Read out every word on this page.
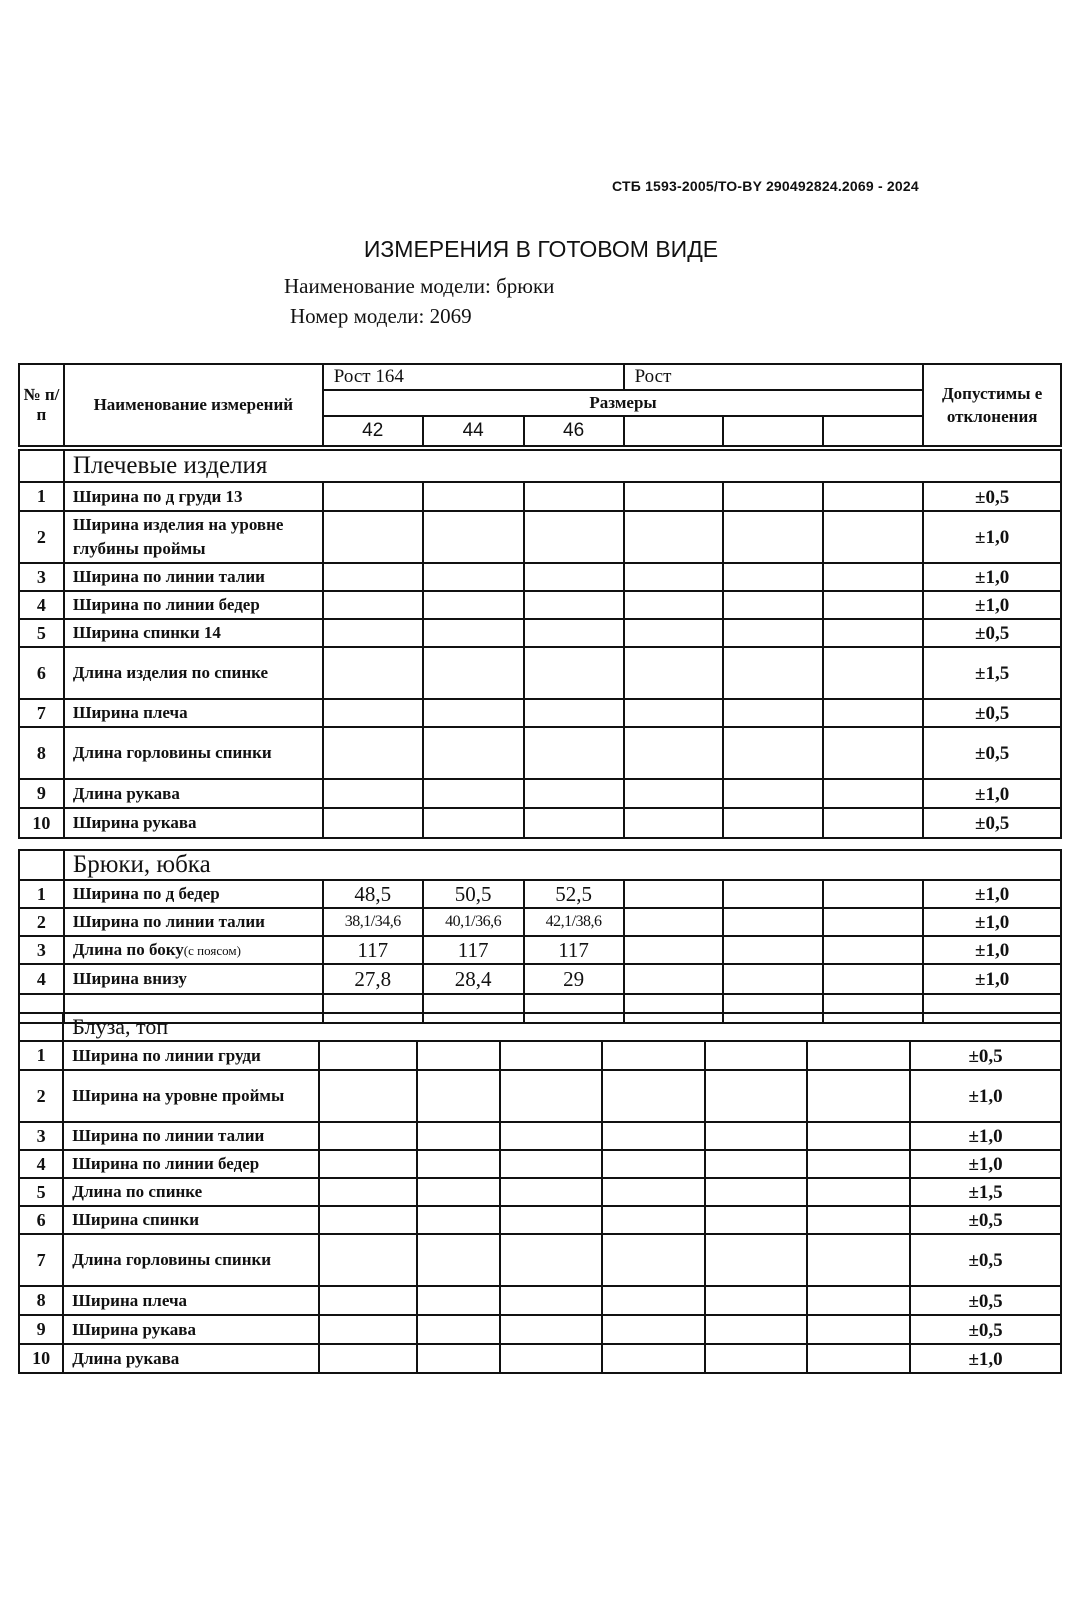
СТБ 1593-2005/ТО-BY 290492824.2069 - 2024
ИЗМЕРЕНИЯ В ГОТОВОМ ВИДЕ
Наименование модели: брюки
Номер модели: 2069
№ п/ п	Наименование измерений	Рост 164			Рост			Допустимы е отклонения
		Размеры						
		42	44	46				
	Плечевые изделия							
1	Ширина по д груди 13							±0,5
2	Ширина изделия на уровне глубины проймы							±1,0
3	Ширина по линии талии							±1,0
4	Ширина по линии бедер							±1,0
5	Ширина спинки 14							±0,5
6	Длина изделия по спинке							±1,5
7	Ширина плеча							±0,5
8	Длина горловины спинки							±0,5
9	Длина рукава							±1,0
10	Ширина рукава							±0,5
	Брюки, юбка							
1	Ширина по д бедер	48,5	50,5	52,5				±1,0
2	Ширина по линии талии	38,1/34,6	40,1/36,6	42,1/38,6				±1,0
3	Длина по боку(с поясом)	117	117	117				±1,0
4	Ширина внизу	27,8	28,4	29				±1,0

	Блуза, топ							
1	Ширина по линии груди							±0,5
2	Ширина на уровне проймы							±1,0
3	Ширина по линии талии							±1,0
4	Ширина по линии бедер							±1,0
5	Длина по спинке							±1,5
6	Ширина спинки							±0,5
7	Длина горловины спинки							±0,5
8	Ширина плеча							±0,5
9	Ширина рукава							±0,5
10	Длина рукава							±1,0
